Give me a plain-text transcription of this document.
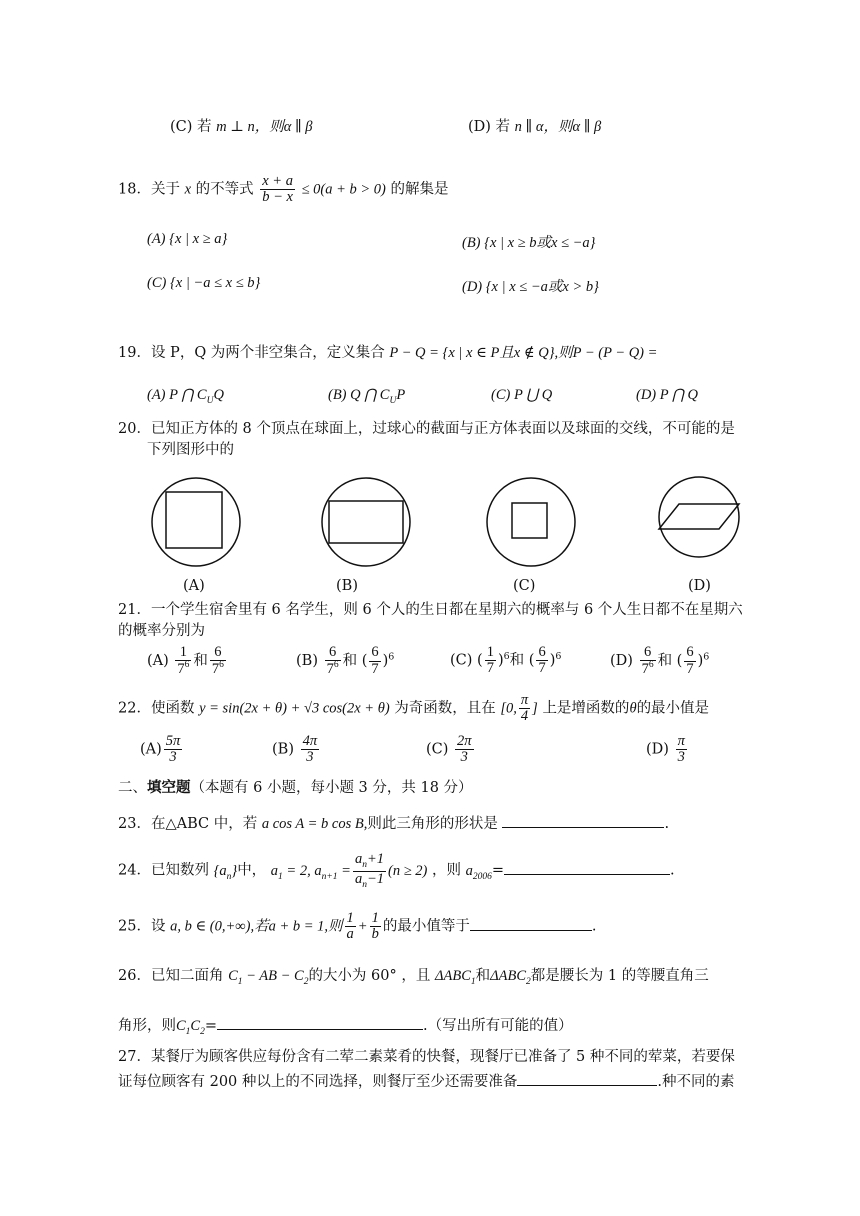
(C) 若 m ⊥ n，则α ∥ β	(D) 若 n ∥ α，则α ∥ β
18．关于 x 的不等式 $\frac{x + a}{b - x} \le 0(a + b > 0)$ 的解集是
(A) {x | x ≥ a}	(B) {x | x ≥ b或x ≤ −a}
(C) {x | −a ≤ x ≤ b}	(D) {x | x ≤ −a或x > b}
19．设 P，Q 为两个非空集合，定义集合 P − Q = {x | x ∈ P且x ∉ Q},则P − (P − Q) =
(A) P ⋂ $C_UQ$	(B) Q ⋂ $C_UP$	(C) P ⋃ Q	(D) P ⋂ Q
20．已知正方体的 8 个顶点在球面上，过球心的截面与正方体表面以及球面的交线，不可能的是
下列图形中的
(A)	(B)	(C)	(D)
21．一个学生宿舍里有 6 名学生，则 6 个人的生日都在星期六的概率与 6 个人生日都不在星期六
的概率分别为
$(A) \frac{1}{7^6}$ 和 $\frac{6}{7^6}$	$(B) \frac{6}{7^6}$ 和 ( $\frac{6}{7} )^6$	(C) ( $\frac{1}{7} )^6$和 ( $\frac{6}{7} )^6$	$(D) \frac{6}{7^6}$ 和 ( $\frac{6}{7} )^6$
22．使函数 y = sin(2x + θ) + √3 cos(2x + θ) 为奇函数，且在 [0, $\frac{\pi}{4}$ ] 上是增函数的θ的最小值是
$(A) \frac{5\pi}{3}$	$(B) \frac{4\pi}{3}$	$(C) \frac{2\pi}{3}$	$(D) \frac{\pi}{3}$
二、填空题（本题有 6 小题，每小题 3 分，共 18 分）
23．在△ABC 中，若 a cos A = b cos B,则此三角形的形状是	.
24．已知数列 $\{a_n\}$中， $a_1 = 2$, $a_{n+1} = \frac{a_n+1}{a_n-1} (n \ge 2)$ ，则 $a_{2006}=$	.
25．设 a, b ∈ (0,+∞),若a + b = 1,则 $\frac{1}{a} + \frac{1}{b}$ 的最小值等于	.
26．已知二面角 $C_1$ − AB − $C_2$的大小为 60° ，且 $\Delta ABC_1$和$\Delta ABC_2$都是腰长为 1 的等腰直角三
角形，则$C_1C_2=$	.（写出所有可能的值）
27．某餐厅为顾客供应每份含有二荤二素菜肴的快餐，现餐厅已准备了 5 种不同的荤菜，若要保
证每位顾客有 200 种以上的不同选择，则餐厅至少还需要准备	.种不同的素
